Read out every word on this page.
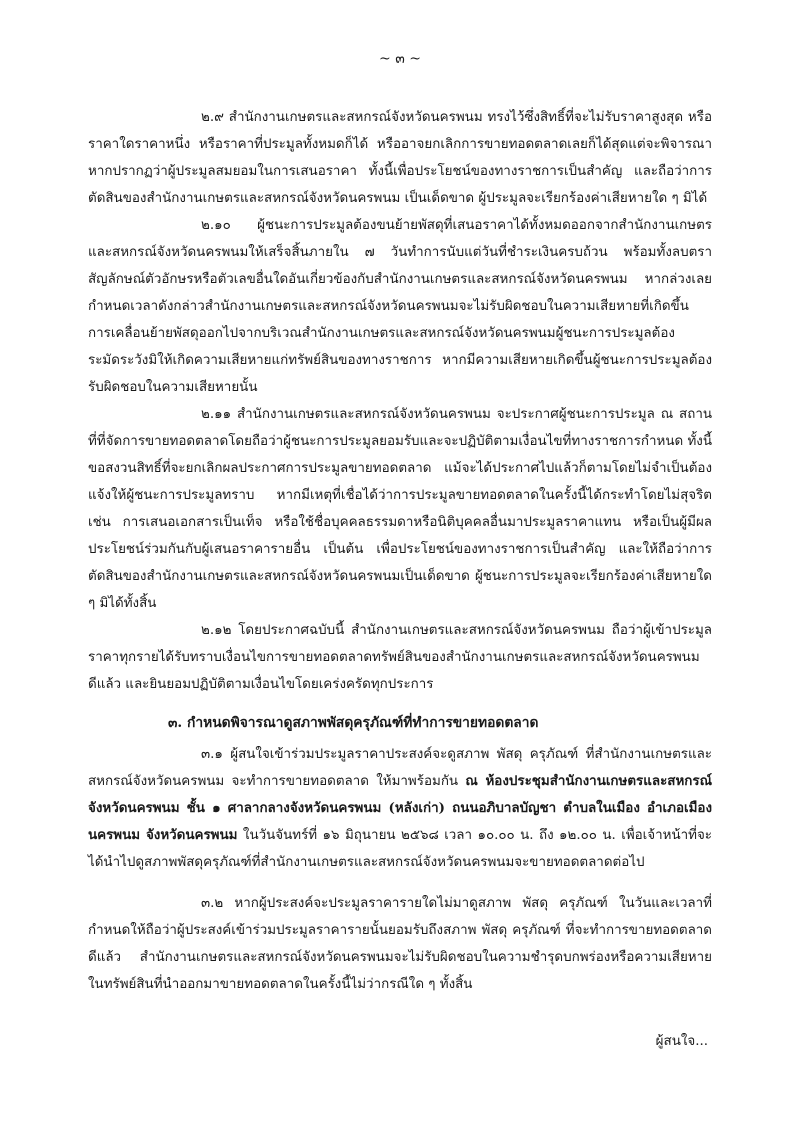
~ ๓ ~

๒.๙ สำนักงานเกษตรและสหกรณ์จังหวัดนครพนม ทรงไว้ซึ่งสิทธิ์ที่จะไม่รับราคาสูงสุด หรือราคาใดราคาหนึ่ง หรือราคาที่ประมูลทั้งหมดก็ได้ หรืออาจยกเลิกการขายทอดตลาดเลยก็ได้สุดแต่จะพิจารณา หากปรากฏว่าผู้ประมูลสมยอมในการเสนอราคา ทั้งนี้เพื่อประโยชน์ของทางราชการเป็นสำคัญ และถือว่าการตัดสินของสำนักงานเกษตรและสหกรณ์จังหวัดนครพนม เป็นเด็ดขาด ผู้ประมูลจะเรียกร้องค่าเสียหายใด ๆ มิได้

๒.๑๐ ผู้ชนะการประมูลต้องขนย้ายพัสดุที่เสนอราคาได้ทั้งหมดออกจากสำนักงานเกษตรและสหกรณ์จังหวัดนครพนมให้เสร็จสิ้นภายใน ๗ วันทำการนับแต่วันที่ชำระเงินครบถ้วน พร้อมทั้งลบตราสัญลักษณ์ตัวอักษรหรือตัวเลขอื่นใดอันเกี่ยวข้องกับสำนักงานเกษตรและสหกรณ์จังหวัดนครพนม หากล่วงเลยกำหนดเวลาดังกล่าวสำนักงานเกษตรและสหกรณ์จังหวัดนครพนมจะไม่รับผิดชอบในความเสียหายที่เกิดขึ้น การเคลื่อนย้ายพัสดุออกไปจากบริเวณสำนักงานเกษตรและสหกรณ์จังหวัดนครพนมผู้ชนะการประมูลต้องระมัดระวังมิให้เกิดความเสียหายแก่ทรัพย์สินของทางราชการ หากมีความเสียหายเกิดขึ้นผู้ชนะการประมูลต้องรับผิดชอบในความเสียหายนั้น

๒.๑๑ สำนักงานเกษตรและสหกรณ์จังหวัดนครพนม จะประกาศผู้ชนะการประมูล ณ สถานที่ที่จัดการขายทอดตลาดโดยถือว่าผู้ชนะการประมูลยอมรับและจะปฏิบัติตามเงื่อนไขที่ทางราชการกำหนด ทั้งนี้ขอสงวนสิทธิ์ที่จะยกเลิกผลประกาศการประมูลขายทอดตลาด แม้จะได้ประกาศไปแล้วก็ตามโดยไม่จำเป็นต้องแจ้งให้ผู้ชนะการประมูลทราบ หากมีเหตุที่เชื่อได้ว่าการประมูลขายทอดตลาดในครั้งนี้ได้กระทำโดยไม่สุจริต เช่น การเสนอเอกสารเป็นเท็จ หรือใช้ชื่อบุคคลธรรมดาหรือนิติบุคคลอื่นมาประมูลราคาแทน หรือเป็นผู้มีผลประโยชน์ร่วมกันกับผู้เสนอราคารายอื่น เป็นต้น เพื่อประโยชน์ของทางราชการเป็นสำคัญ และให้ถือว่าการตัดสินของสำนักงานเกษตรและสหกรณ์จังหวัดนครพนมเป็นเด็ดขาด ผู้ชนะการประมูลจะเรียกร้องค่าเสียหายใด ๆ มิได้ทั้งสิ้น

๒.๑๒ โดยประกาศฉบับนี้ สำนักงานเกษตรและสหกรณ์จังหวัดนครพนม ถือว่าผู้เข้าประมูลราคาทุกรายได้รับทราบเงื่อนไขการขายทอดตลาดทรัพย์สินของสำนักงานเกษตรและสหกรณ์จังหวัดนครพนมดีแล้ว และยินยอมปฏิบัติตามเงื่อนไขโดยเคร่งครัดทุกประการ

๓. กำหนดพิจารณาดูสภาพพัสดุครุภัณฑ์ที่ทำการขายทอดตลาด

๓.๑ ผู้สนใจเข้าร่วมประมูลราคาประสงค์จะดูสภาพ พัสดุ ครุภัณฑ์ ที่สำนักงานเกษตรและสหกรณ์จังหวัดนครพนม จะทำการขายทอดตลาด ให้มาพร้อมกัน ณ ห้องประชุมสำนักงานเกษตรและสหกรณ์จังหวัดนครพนม ชั้น ๑ ศาลากลางจังหวัดนครพนม (หลังเก่า) ถนนอภิบาลบัญชา ตำบลในเมือง อำเภอเมืองนครพนม จังหวัดนครพนม ในวันจันทร์ที่ ๑๖ มิถุนายน ๒๕๖๘ เวลา ๑๐.๐๐ น. ถึง ๑๒.๐๐ น. เพื่อเจ้าหน้าที่จะได้นำไปดูสภาพพัสดุครุภัณฑ์ที่สำนักงานเกษตรและสหกรณ์จังหวัดนครพนมจะขายทอดตลาดต่อไป

๓.๒ หากผู้ประสงค์จะประมูลราคารายใดไม่มาดูสภาพ พัสดุ ครุภัณฑ์ ในวันและเวลาที่กำหนดให้ถือว่าผู้ประสงค์เข้าร่วมประมูลราคารายนั้นยอมรับถึงสภาพ พัสดุ ครุภัณฑ์ ที่จะทำการขายทอดตลาดดีแล้ว สำนักงานเกษตรและสหกรณ์จังหวัดนครพนมจะไม่รับผิดชอบในความชำรุดบกพร่องหรือความเสียหายในทรัพย์สินที่นำออกมาขายทอดตลาดในครั้งนี้ไม่ว่ากรณีใด ๆ ทั้งสิ้น

ผู้สนใจ...
